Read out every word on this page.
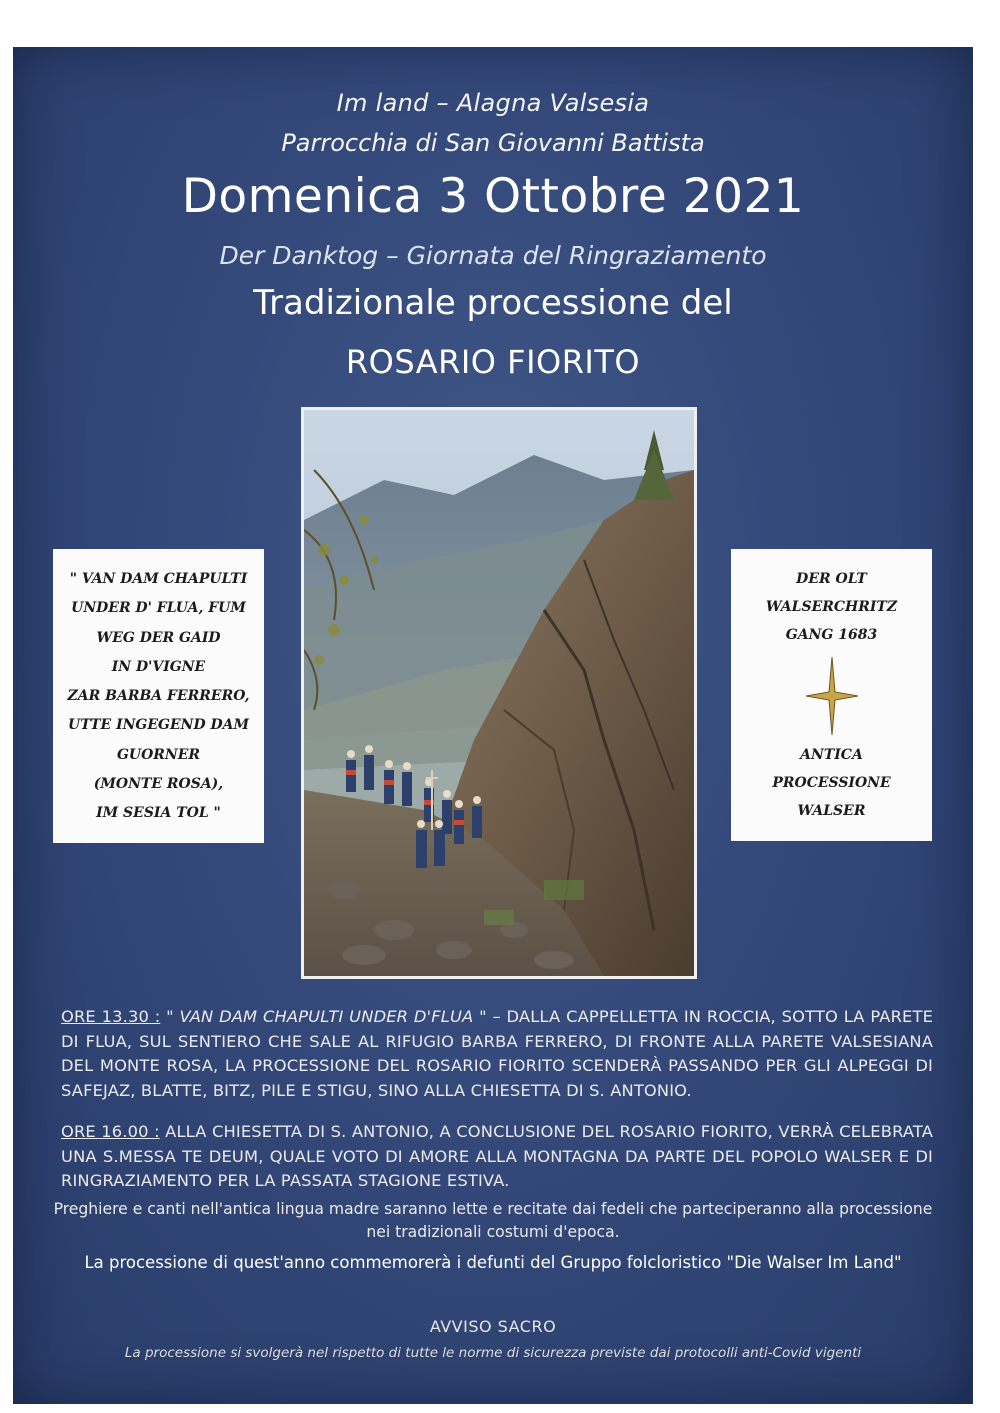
Im land – Alagna Valsesia
Parrocchia di San Giovanni Battista
Domenica 3 Ottobre 2021
Der Danktog – Giornata del Ringraziamento
Tradizionale processione del
ROSARIO FIORITO
" VAN DAM CHAPULTI
UNDER D' FLUA, FUM
WEG DER GAID
IN D'VIGNE
ZAR BARBA FERRERO,
UTTE INGEGEND DAM
GUORNER
(MONTE ROSA),
IM SESIA TOL "
DER OLT
WALSERCHRITZ
GANG 1683
ANTICA
PROCESSIONE
WALSER
ORE 13.30 : " VAN DAM CHAPULTI UNDER D'FLUA " – DALLA CAPPELLETTA IN ROCCIA, SOTTO LA PARETE DI FLUA, SUL SENTIERO CHE SALE AL RIFUGIO BARBA FERRERO, DI FRONTE ALLA PARETE VALSESIANA DEL MONTE ROSA, LA PROCESSIONE DEL ROSARIO FIORITO SCENDERÀ PASSANDO PER GLI ALPEGGI DI SAFEJAZ, BLATTE, BITZ, PILE E STIGU, SINO ALLA CHIESETTA DI S. ANTONIO.
ORE 16.00 : ALLA CHIESETTA DI S. ANTONIO, A CONCLUSIONE DEL ROSARIO FIORITO, VERRÀ CELEBRATA UNA S.MESSA TE DEUM, QUALE VOTO DI AMORE ALLA MONTAGNA DA PARTE DEL POPOLO WALSER E DI RINGRAZIAMENTO PER LA PASSATA STAGIONE ESTIVA.
Preghiere e canti nell'antica lingua madre saranno lette e recitate dai fedeli che parteciperanno alla processione nei tradizionali costumi d'epoca.
La processione di quest'anno commemorerà i defunti del Gruppo folcloristico "Die Walser Im Land"
AVVISO SACRO
La processione si svolgerà nel rispetto di tutte le norme di sicurezza previste dai protocolli anti-Covid vigenti
